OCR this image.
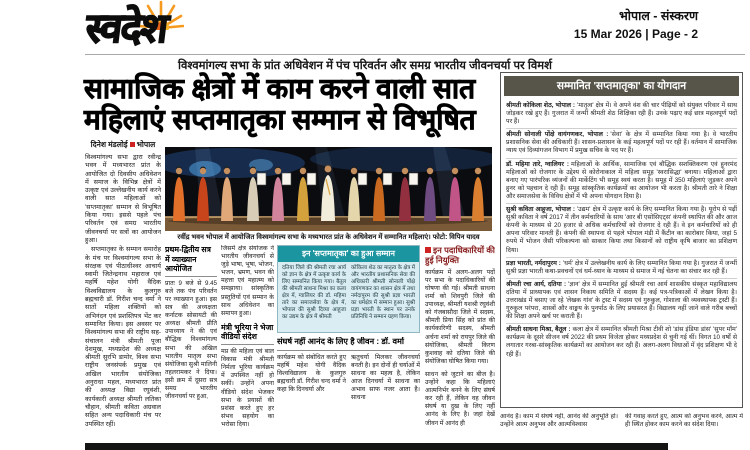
स्वदेश	भोपाल - संस्करण
15 Mar 2026 | Page - 2
विश्वमांगल्य सभा के प्रांत अधिवेशन में पंच परिवर्तन और समग्र भारतीय जीवनचर्या पर विमर्श
सामाजिक क्षेत्रों में काम करने वाली सात
महिलाएं सप्तमातृका सम्मान से विभूषित
सम्मानित 'सप्तमातृका' का योगदान
श्रीमती कोकिला शेठ, भोपाल : 'मातृत्व' क्षेत्र में। वे अपने वंश की चार पीढ़ियों को संयुक्त परिवार में साथ जोड़कर रखे हुए हैं। गुजरात में जन्मीं श्रीमती शेठ शिक्षिका रही हैं। उनके पढ़ाए कई छात्र महत्वपूर्ण पदों पर हैं।
श्रीमती सोनाली पोंक्षे वायंगणकर, भोपाल : 'सेवा' के क्षेत्र में सम्मानित किया गया है। वे भारतीय प्रशासनिक सेवा की अधिकारी हैं। शासन-प्रशासन के कई महत्वपूर्ण पदों पर रही हैं। वर्तमान में सामाजिक न्याय एवं दिव्यांगजन विभाग में प्रमुख सचिव के पद पर हैं।
डॉ. महिमा तारे, ग्वालियर : महिलाओं के आर्थिक, सामाजिक एवं बौद्धिक सशक्तिकरण एवं हुनरमंद महिलाओं को रोजगार के उद्देश्य से कोरोनाकाल में महिला समूह 'स्वरासिद्धा' बनाया। महिलाओं द्वारा बनाए गए पारंपरिक व्यंजनों की मार्केटिंग भी समूह स्वयं करता है। समूह में 350 महिलाएं जुड़कर अपने हुनर को पहचान दे रही हैं। समूह सांस्कृतिक कार्यक्रमों का आयोजन भी करता है। श्रीमती तारे ने शिक्षा और समाजसेवा के विविध क्षेत्रों में भी अपना योगदान दिया है।
सुश्री कविता आहूजा, भोपाल : 'उद्यम' क्षेत्र में उत्कृष्ट कार्य के लिए सम्मानित किया गया है। यूरोप से पढ़ीं सुश्री कविता ने वर्ष 2017 में तीन कर्मचारियों के साथ 'आर बी एसोसिएट्स' कंपनी स्थापित की और आज कंपनी के माध्यम से 20 हजार से अधिक कर्मचारियों को रोजगार दे रही हैं। वे इन कर्मचारियों को ही अपना परिवार मानती हैं। कंपनी की स्थापना से पहले भोपाल मंडी में कैंटीन का कारोबार किया, जहां 5 रुपये में भोजन जैसी परिकल्पना को साकार किया तथा किसानों को राष्ट्रीय कृषि बाजार का प्रशिक्षण दिया।
प्रज्ञा भारती, नर्मदापुरम : 'धर्म' क्षेत्र में उल्लेखनीय कार्य के लिए सम्मानित किया गया है। गुजरात में जन्मीं सुश्री प्रज्ञा भारती कथा-प्रवचनों एवं धर्म-ध्यान के माध्यम से समाज में नई चेतना का संचार कर रही हैं।
श्रीमती रचा आर्य, दतिया : 'ज्ञान' क्षेत्र में सम्मानित हुई श्रीमती रचा आर्य शासकीय संस्कृत महाविद्यालय दतिया में प्राध्यापक एवं शासन निकाय समिति में सदस्य हैं। कई पत्र-पत्रिकाओं में लेखन किया है। उत्तराखंड में बसाए जा रहे 'लेखक गांव' के ट्रस्ट में सदस्य एवं गुरुकुल, गोशाला की व्यवस्थापक ट्रस्टी हैं। गुरुकुल परंपरा, शास्त्रों और वाङ्मय के पुनर्पाठ के लिए प्रयासरत हैं। विद्यालय नहीं जाने वाले गरीब बच्चों की शिक्षा अपने खर्च पर कराती हैं।
श्रीमती साधना मिश्रा, बैतूल : कला क्षेत्र में सम्मानित श्रीमती मिश्रा टीवी शो 'डांस इंडिया डांस' 'सुपर मॉम' कार्यक्रम के दूसरे सीजन वर्ष 2022 की प्रथम विजेता होकर मध्यप्रदेश से चुनी गई थीं। विगत 10 वर्षों से लगातार गरबा-सांस्कृतिक कार्यक्रमों का आयोजन कर रही हैं। अलग-अलग विधाओं में वृंद प्रशिक्षण भी दे रही हैं।
आनंद है। काम में संघर्ष नहीं, आनंद की अनुभूति हो। उन्होंने आत्म अनुभव और आत्मविश्वास
की गवाह करते हुए, आत्म को अनुभव करने, आत्म में ही स्थित होकर काम करने का संदेश दिया।
दिनेश मंडलोई भोपाल
विश्वमांगल्य सभा द्वारा रवीन्द्र भवन में मध्यभारत प्रांत के आयोजित दो दिवसीय अधिवेशन में समाज के विभिन्न क्षेत्रों में उत्कृष्ट एवं उल्लेखनीय कार्य करने वाली सात महिलाओं को 'सप्तमातृका' सम्मान से विभूषित किया गया। इससे पहले पंच परिवर्तन एवं समग्र भारतीय जीवनचर्या पर सत्रों का आयोजन हुआ।
सप्तमातृका के सम्मान समारोह के मंच पर विश्वमांगल्य सभा के संरक्षक एवं पीठाधीश्वर आचार्य स्वामी जितेन्द्रनाथ महाराज एवं महर्षि महेश योगी वैदिक विश्वविद्यालय के कुलगुरु ब्रह्मचारी डॉ. गिरीश चन्द वर्मा ने सातों महिला शक्तियों को अभिनंदन एवं प्रशस्तिपत्र भेंट कर सम्मानित किया। इस अवसर पर विश्वमांगल्य सभा की राष्ट्रीय सह-संचालन मंत्री श्रीमती पूजा देशमुख, मध्यप्रदेश की अध्यक्ष श्रीमती सुरभि डामोर, विश्व सभा राष्ट्रीय जनसंपर्क प्रमुख एवं अखिल भारतीय संयोजिका अनुराधा महल, मध्यभारत प्रांत की अध्यक्ष विद्या रघुवंशी, कार्यकारी अध्यक्ष श्रीमती लतिका चौहान, श्रीमती कविता अग्रवाल सहित अन्य पदाधिकारी मंच पर उपस्थित रहीं।
रवींद्र भवन भोपाल में आयोजित विश्वमांगल्य सभा के मध्यभारत प्रांत के अधिवेशन में सम्मानित महिलाएं। फोटो: विपिन यादव
प्रथम-द्वितीय सत्र में व्याख्यान आयोजित
प्रातः 9 बजे से 9.45 बजे तक पंच परिवर्तन पर व्याख्यान हुआ। इस सत्र की अध्यक्षता कर्नाटक सोसायटी की अध्यक्ष श्रीमती प्रीति उपाध्याय ने की एवं बौद्धिक विश्वमांगल्य सभा की अखिल भारतीय मातृत्व सभा संयोजिका सुश्री मालिनी तहलरामकर ने दिया। इसी क्रम में दूसरा सत्र समग्र भारतीय जीवनचर्या पर हुआ,
जिसमें क्षेत्र संयोजक ने भारतीय जीवनचर्या से जुड़े भाषा, भूषा, भोजन, भजन, भ्रमण, भवन की महत्ता एवं महात्म्य को समझाया। सांस्कृतिक प्रस्तुतियों एवं सम्मान के साथ अधिवेशन का समापन हुआ।
मंत्री भूरिया ने भेजा वीडियो संदेश
मप्र की महिला एवं बाल विकास मंत्री श्रीमती निर्मला भूरिया कार्यक्रम में उपस्थित नहीं हो सकीं। उन्होंने अपना वीडियो संदेश भेजकर सभा के प्रयासों की प्रशंसा करते हुए हर संभव सहयोग का भरोसा दिया।
इन 'सप्तमातृका' का हुआ सम्मान
दतिया जिले की श्रीमती रचा आर्य को ज्ञान के क्षेत्र में उत्कृष्ट कार्य के लिए सम्मानित किया गया। बैतूल की श्रीमती साधना मिश्रा का कला क्षेत्र में, ग्वालियर की डॉ. महिमा तारे का समाजसेवा के क्षेत्र में, भोपाल की सुश्री दिव्या आहूजा का उद्यम के क्षेत्र में श्रीमती
कोकिला शेठ का मातृत्व के क्षेत्र में और भारतीय प्रशासनिक सेवा की अधिकारी श्रीमती सोनाली पोंक्षे वायंगणकर का शासन क्षेत्र में तथा नर्मदापुरम की सुश्री प्रज्ञा भारती का धर्मक्षेत्र में सम्मान हुआ। सुश्री प्रज्ञा भारती के स्थान पर उनके प्रतिनिधि ने सम्मान ग्रहण किया।
संघर्ष नहीं आनंद के लिए है जीवन : डॉ. वर्मा
कार्यक्रम को संबोधित करते हुए महर्षि महेश योगी वैदिक विश्वविद्यालय के कुलगुरु ब्रह्मचारी डॉ. गिरीश चन्द वर्मा ने कहा कि दिनचर्या और
ऋतुचर्या मिलकर जीवनचर्या बनती है। इन दोनों ही चर्याओं में साधना का महत्व है, लेकिन आज दिनचर्या में साधना का अभाव साफ नजर आता है। साधना
इन पदाधिकारियों की हुई नियुक्ति
कार्यक्रम में अलग-अलग पदों पर सभा के पदाधिकारियों की घोषणा की गई। श्रीमती साधना शर्मा को शिवपुरी जिले की उपाध्यक्ष, श्रीमती यशश्री रघुवंशी को गंजबासौदा जिले में सदस्य, श्रीमती प्रिया सिंह को प्रांत की कार्यकारिणी सदस्य, श्रीमती अर्चना शर्मा को रायपुर जिले की संयोजिका, श्रीमती किरण कुशवाह को दतिया जिले की संयोजिका घोषित किया गया।
साधन को जुटाने का बीज है। उन्होंने कहा कि महिलाएं आत्मनिर्भर बनने के लिए संघर्ष कर रही हैं, लेकिन वह जीवन संघर्ष या दुख के लिए नहीं आनंद के लिए है। जहां देखें जीवन में आनंद ही
